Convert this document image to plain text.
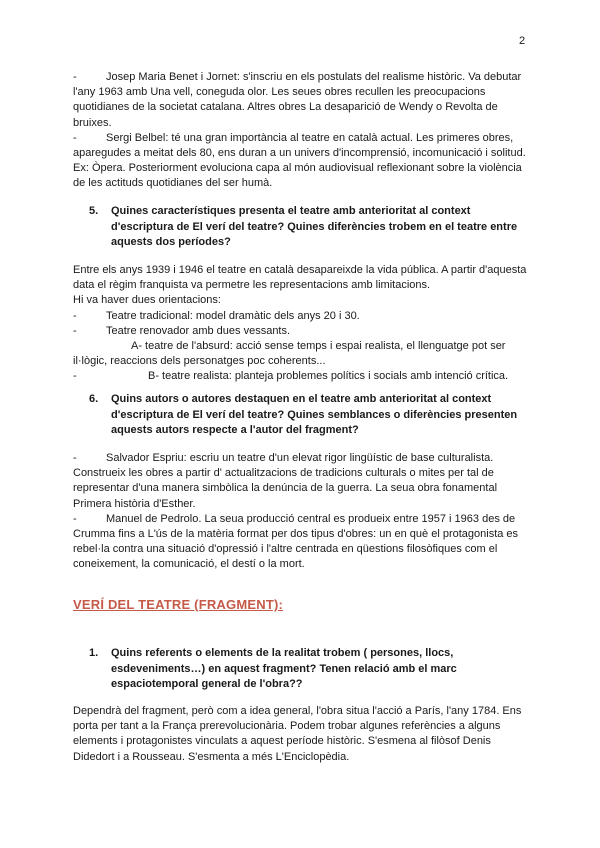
2
-	Josep Maria Benet i Jornet: s'inscriu en els postulats del realisme històric. Va debutar l'any 1963 amb Una vell, coneguda olor. Les seues obres recullen les preocupacions quotidianes de la societat catalana. Altres obres La desaparició de Wendy o Revolta de bruixes.
-	Sergi Belbel: té una gran importància al teatre en català actual. Les primeres obres, aparegudes a meitat dels 80, ens duran a un univers d'incomprensió, incomunicació i solitud. Ex: Òpera. Posteriorment evoluciona capa al món audiovisual reflexionant sobre la violència de les actituds quotidianes del ser humà.
5.	Quines característiques presenta el teatre amb anterioritat al context d'escriptura de El verí del teatre? Quines diferències trobem en el teatre entre aquests dos períodes?

Entre els anys 1939 i 1946 el teatre en català desapareixde la vida pública. A partir d'aquesta data el règim franquista va permetre les representacions amb limitacions.

Hi va haver dues orientacions:

-	Teatre tradicional: model dramàtic dels anys 20 i 30.
-	Teatre renovador amb dues vessants.
A- teatre de l'absurd: acció sense temps i espai realista, el llenguatge pot ser il·lògic, reaccions dels personatges poc coherents...
-	B- teatre realista: planteja problemes polítics i socials amb intenció crítica.
6.	Quins autors o autores destaquen en el teatre amb anterioritat al context d'escriptura de El verí del teatre? Quines semblances o diferències presenten aquests autors respecte a l'autor del fragment?
-	Salvador Espriu: escriu un teatre d'un elevat rigor lingüístic de base culturalista. Construeix les obres a partir d' actualitzacions de tradicions culturals o mites per tal de representar d'una manera simbòlica la denúncia de la guerra. La seua obra fonamental Primera història d'Esther.
-	Manuel de Pedrolo. La seua producció central es produeix entre 1957 i 1963 des de Crumma fins a L'ús de la matèria format per dos tipus d'obres: un en què el protagonista es rebel·la contra una situació d'opressió i l'altre centrada en qüestions filosòfiques com el coneixement, la comunicació, el destí o la mort.
VERÍ DEL TEATRE (FRAGMENT):
1.	Quins referents o elements de la realitat trobem ( persones, llocs, esdeveniments…) en aquest fragment? Tenen relació amb el marc espaciotemporal general de l'obra??

Dependrà del fragment, però com a idea general, l'obra situa l'acció a París, l'any 1784. Ens porta per tant a la França prerevolucionària. Podem trobar algunes referències a alguns elements i protagonistes vinculats a aquest període històric. S'esmena al filòsof Denis Didedort i a Rousseau. S'esmenta a més L'Enciclopèdia.
